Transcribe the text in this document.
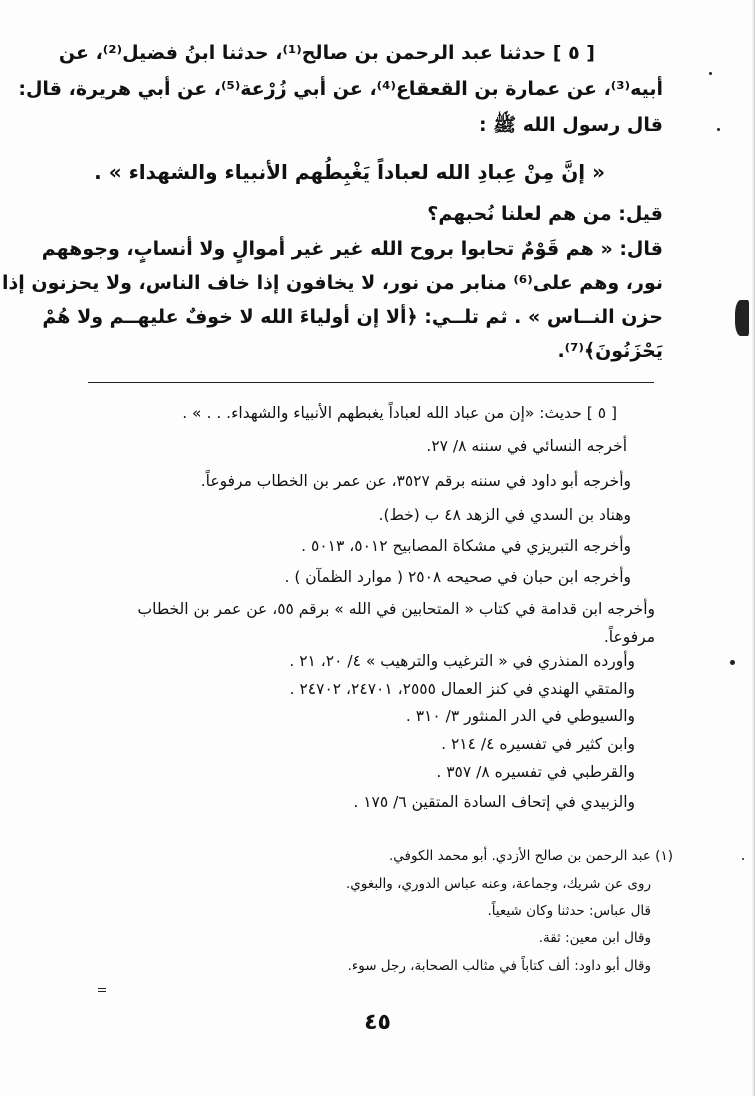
[ ٥ ] حدثنا عبد الرحمن بن صالح⁽¹⁾، حدثنا ابنُ فضيل⁽²⁾، عن
أبيه⁽³⁾، عن عمارة بن القعقاع⁽⁴⁾، عن أبي زُرْعة⁽⁵⁾، عن أبي هريرة، قال:
قال رسول الله ﷺ :
« إنَّ مِنْ عِبادِ الله لعباداً يَغْبِطُهم الأنبياء والشهداء » .
قيل: من هم لعلنا نُحبهم؟
قال: « هم قَوْمٌ تحابوا بروح الله غير غير أموالٍ ولا أنسابٍ، وجوههم
نور، وهم على⁽⁶⁾ منابر من نور، لا يخافون إذا خاف الناس، ولا يحزنون إذا
حزن النــاس » . ثم تلــي: ﴿ألا إن أولياءَ الله لا خوفٌ عليهــم ولا هُمْ
يَحْزَنُونَ﴾⁽⁷⁾.
[ ٥ ] حديث: «إن من عباد الله لعباداً يغبطهم الأنبياء والشهداء. . . » .
أخرجه النسائي في سننه ٨/ ٢٧.
وأخرجه أبو داود في سننه برقم ٣٥٢٧، عن عمر بن الخطاب مرفوعاً.
وهناد بن السدي في الزهد ٤٨ ب (خط).
وأخرجه التبريزي في مشكاة المصابيح ٥٠١٢، ٥٠١٣ .
وأخرجه ابن حبان في صحيحه ٢٥٠٨ ( موارد الظمآن ) .
وأخرجه ابن قدامة في كتاب « المتحابين في الله » برقم ٥٥، عن عمر بن الخطاب
مرفوعاً.
وأورده المنذري في « الترغيب والترهيب » ٤/ ٢٠، ٢١ .
والمتقي الهندي في كنز العمال ٢٥٥٥، ٢٤٧٠١، ٢٤٧٠٢ .
والسيوطي في الدر المنثور ٣/ ٣١٠ .
وابن كثير في تفسيره ٤/ ٢١٤ .
والقرطبي في تفسيره ٨/ ٣٥٧ .
والزبيدي في إتحاف السادة المتقين ٦/ ١٧٥ .
(١) عبد الرحمن بن صالح الأزدي. أبو محمد الكوفي.
روى عن شريك، وجماعة، وعنه عباس الدوري، والبغوي.
قال عباس: حدثنا وكان شيعياً.
وقال ابن معين: ثقة.
وقال أبو داود: ألف كتاباً في مثالب الصحابة، رجل سوء.
٤٥
